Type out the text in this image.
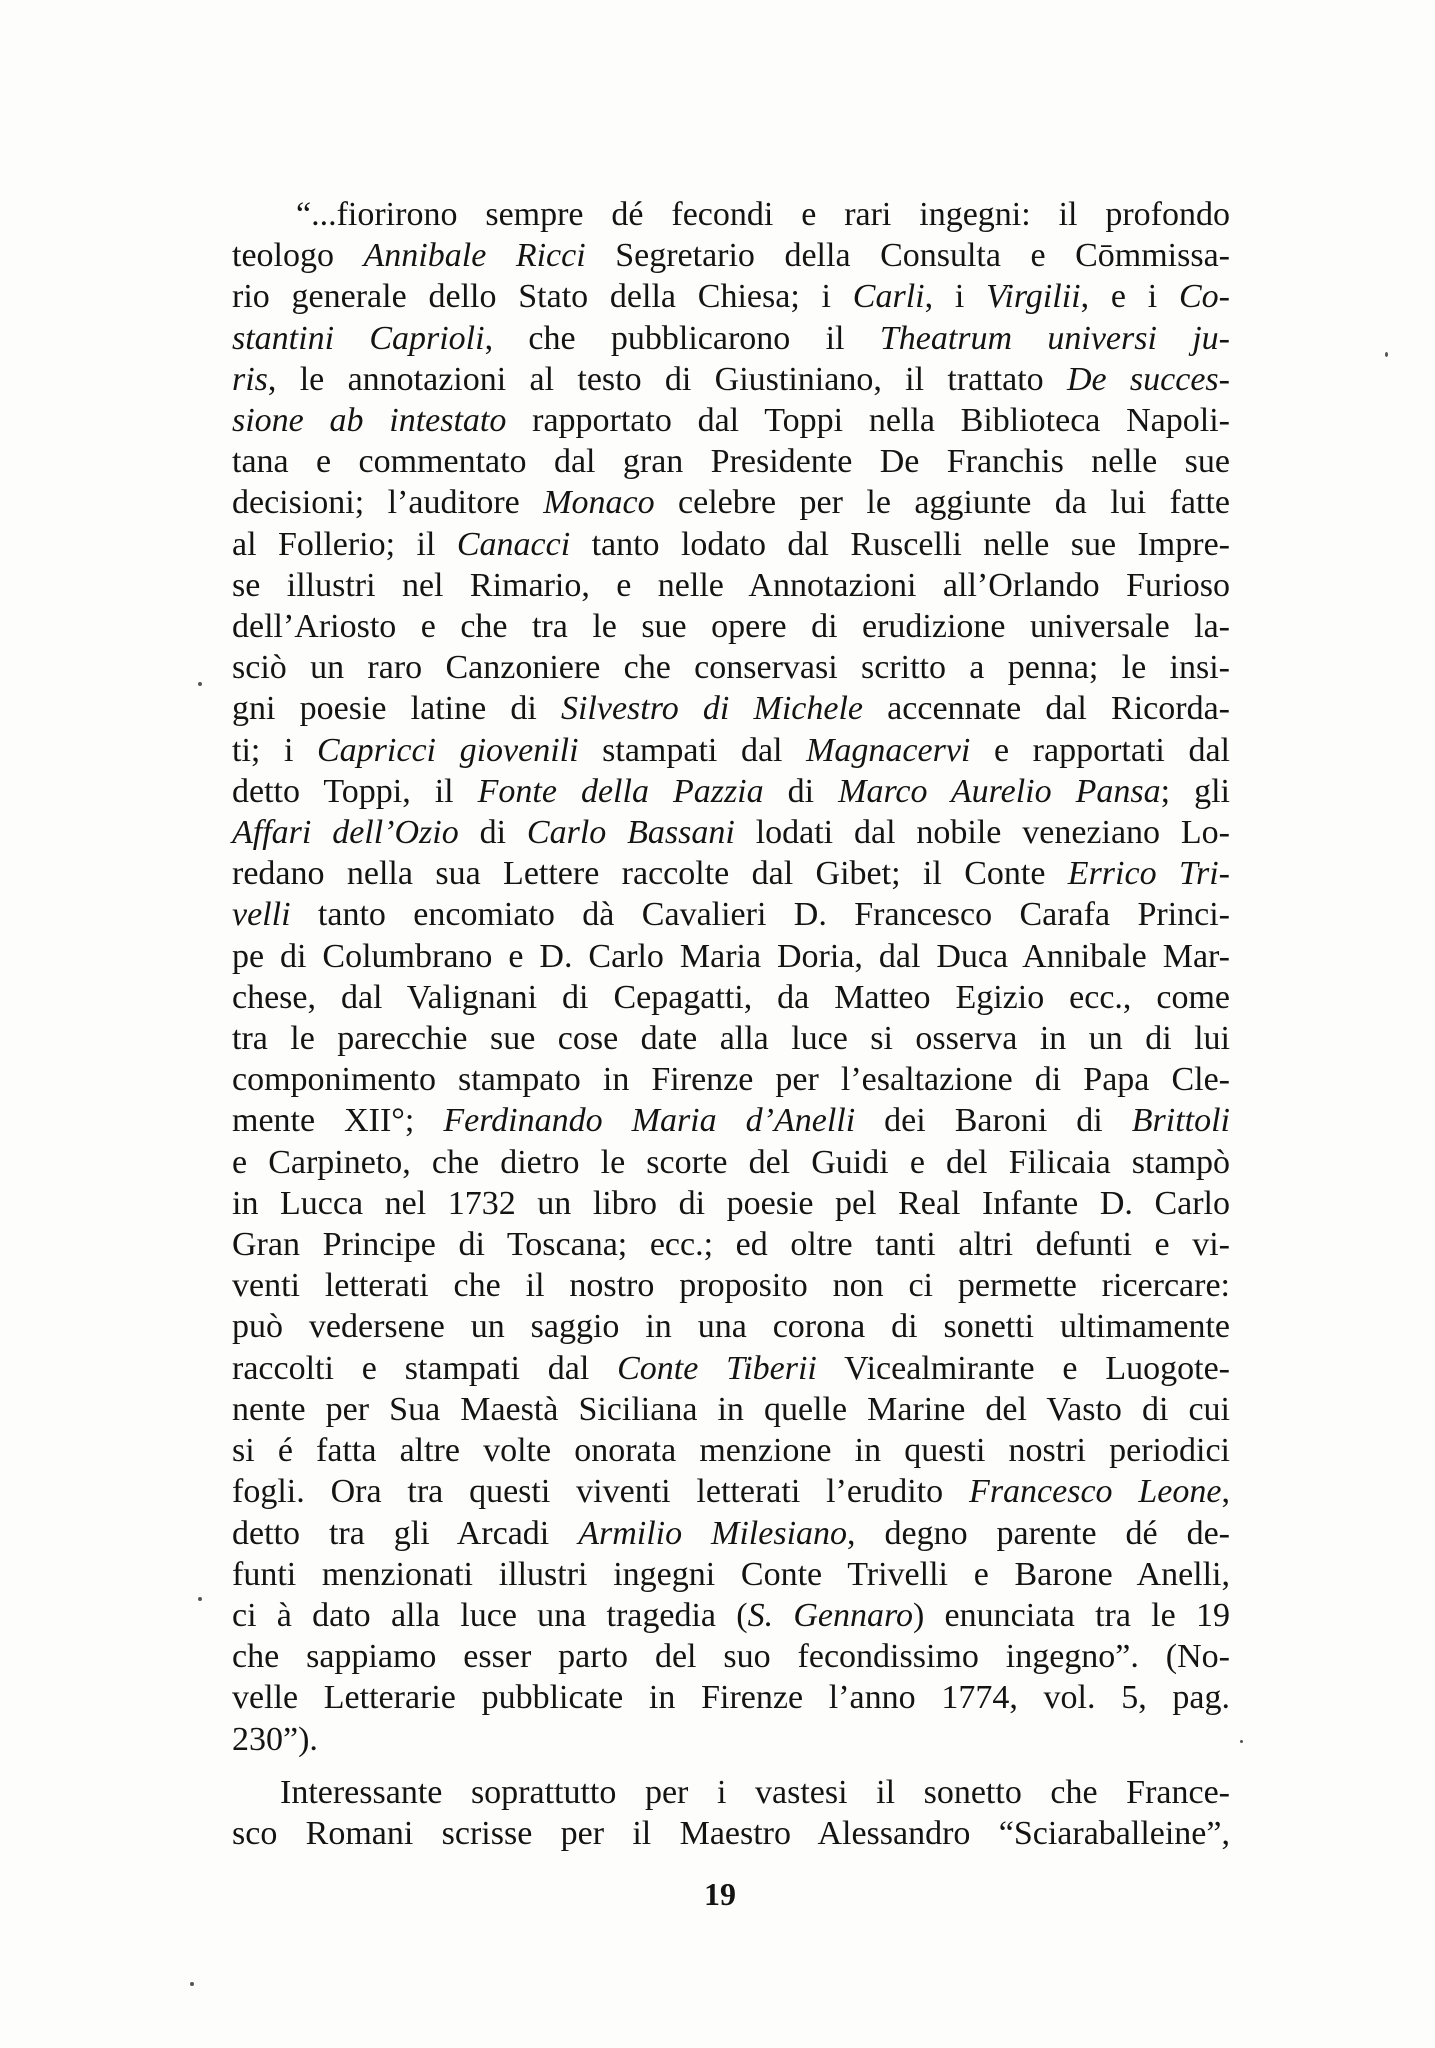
“...fiorirono sempre dé fecondi e rari ingegni: il profondo
teologo Annibale Ricci Segretario della Consulta e Cōmmissa-
rio generale dello Stato della Chiesa; i Carli, i Virgilii, e i Co-
stantini Caprioli, che pubblicarono il Theatrum universi ju-
ris, le annotazioni al testo di Giustiniano, il trattato De succes-
sione ab intestato rapportato dal Toppi nella Biblioteca Napoli-
tana e commentato dal gran Presidente De Franchis nelle sue
decisioni; l’auditore Monaco celebre per le aggiunte da lui fatte
al Follerio; il Canacci tanto lodato dal Ruscelli nelle sue Impre-
se illustri nel Rimario, e nelle Annotazioni all’Orlando Furioso
dell’Ariosto e che tra le sue opere di erudizione universale la-
sciò un raro Canzoniere che conservasi scritto a penna; le insi-
gni poesie latine di Silvestro di Michele accennate dal Ricorda-
ti; i Capricci giovenili stampati dal Magnacervi e rapportati dal
detto Toppi, il Fonte della Pazzia di Marco Aurelio Pansa; gli
Affari dell’Ozio di Carlo Bassani lodati dal nobile veneziano Lo-
redano nella sua Lettere raccolte dal Gibet; il Conte Errico Tri-
velli tanto encomiato dà Cavalieri D. Francesco Carafa Princi-
pe di Columbrano e D. Carlo Maria Doria, dal Duca Annibale Mar-
chese, dal Valignani di Cepagatti, da Matteo Egizio ecc., come
tra le parecchie sue cose date alla luce si osserva in un di lui
componimento stampato in Firenze per l’esaltazione di Papa Cle-
mente XII°; Ferdinando Maria d’Anelli dei Baroni di Brittoli
e Carpineto, che dietro le scorte del Guidi e del Filicaia stampò
in Lucca nel 1732 un libro di poesie pel Real Infante D. Carlo
Gran Principe di Toscana; ecc.; ed oltre tanti altri defunti e vi-
venti letterati che il nostro proposito non ci permette ricercare:
può vedersene un saggio in una corona di sonetti ultimamente
raccolti e stampati dal Conte Tiberii Vicealmirante e Luogote-
nente per Sua Maestà Siciliana in quelle Marine del Vasto di cui
si é fatta altre volte onorata menzione in questi nostri periodici
fogli. Ora tra questi viventi letterati l’erudito Francesco Leone,
detto tra gli Arcadi Armilio Milesiano, degno parente dé de-
funti menzionati illustri ingegni Conte Trivelli e Barone Anelli,
ci à dato alla luce una tragedia (S. Gennaro) enunciata tra le 19
che sappiamo esser parto del suo fecondissimo ingegno”. (No-
velle Letterarie pubblicate in Firenze l’anno 1774, vol. 5, pag.
230”).
Interessante soprattutto per i vastesi il sonetto che France-
sco Romani scrisse per il Maestro Alessandro “Sciaraballeine”,
19
